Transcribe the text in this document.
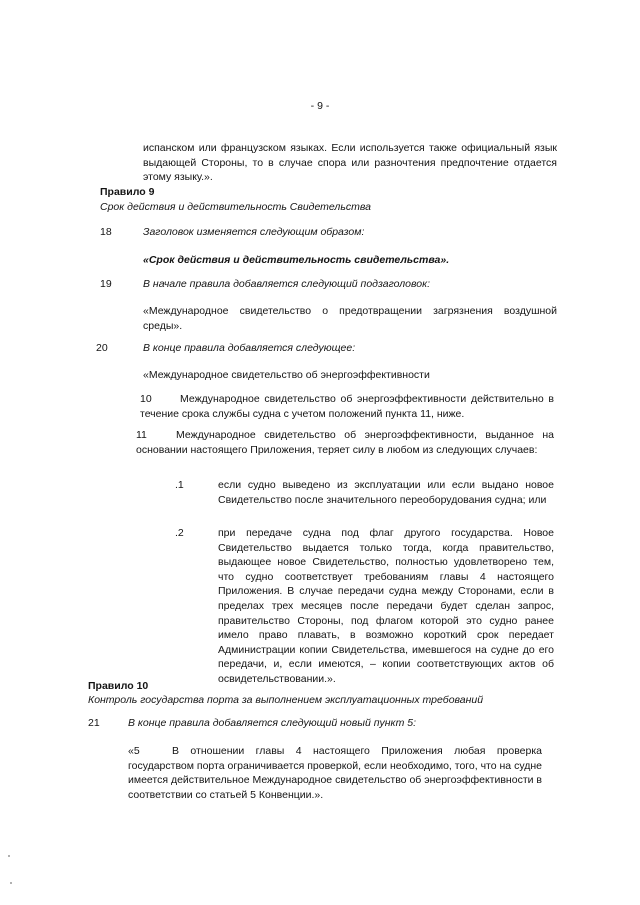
- 9 -

испанском или французском языках. Если используется также официальный язык выдающей Стороны, то в случае спора или разночтения предпочтение отдается этому языку.».

Правило 9

Срок действия и действительность Свидетельства

18	Заголовок изменяется следующим образом:

«Срок действия и действительность свидетельства».

19	В начале правила добавляется следующий подзаголовок:

«Международное свидетельство о предотвращении загрязнения воздушной среды».

20	В конце правила добавляется следующее:

«Международное свидетельство об энергоэффективности

10	Международное свидетельство об энергоэффективности действительно в течение срока службы судна с учетом положений пункта 11, ниже.

11	Международное свидетельство об энергоэффективности, выданное на основании настоящего Приложения, теряет силу в любом из следующих случаев:

.1	если судно выведено из эксплуатации или если выдано новое Свидетельство после значительного переоборудования судна; или

.2	при передаче судна под флаг другого государства. Новое Свидетельство выдается только тогда, когда правительство, выдающее новое Свидетельство, полностью удовлетворено тем, что судно соответствует требованиям главы 4 настоящего Приложения. В случае передачи судна между Сторонами, если в пределах трех месяцев после передачи будет сделан запрос, правительство Стороны, под флагом которой это судно ранее имело право плавать, в возможно короткий срок передает Администрации копии Свидетельства, имевшегося на судне до его передачи, и, если имеются, – копии соответствующих актов об освидетельствовании.».

Правило 10

Контроль государства порта за выполнением эксплуатационных требований

21	В конце правила добавляется следующий новый пункт 5:

«5	В отношении главы 4 настоящего Приложения любая проверка государством порта ограничивается проверкой, если необходимо, того, что на судне имеется действительное Международное свидетельство об энергоэффективности в соответствии со статьей 5 Конвенции.».
